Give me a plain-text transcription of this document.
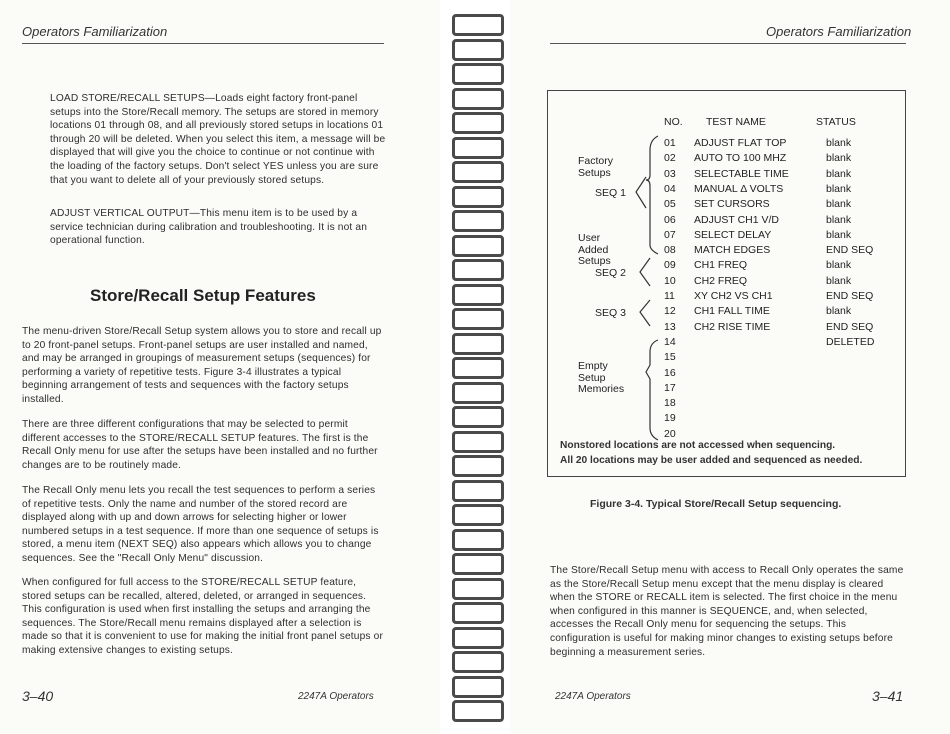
Operators Familiarization

LOAD STORE/RECALL SETUPS—Loads eight factory front-panel setups into the Store/Recall memory. The setups are stored in memory locations 01 through 08, and all previously stored setups in locations 01 through 20 will be deleted. When you select this item, a message will be displayed that will give you the choice to continue or not continue with the loading of the factory setups. Don't select YES unless you are sure that you want to delete all of your previously stored setups.

ADJUST VERTICAL OUTPUT—This menu item is to be used by a service technician during calibration and troubleshooting. It is not an operational function.

Store/Recall Setup Features

The menu-driven Store/Recall Setup system allows you to store and recall up to 20 front-panel setups. Front-panel setups are user installed and named, and may be arranged in groupings of measurement setups (sequences) for performing a variety of repetitive tests. Figure 3-4 illustrates a typical beginning arrangement of tests and sequences with the factory setups installed.

There are three different configurations that may be selected to permit different accesses to the STORE/RECALL SETUP features. The first is the Recall Only menu for use after the setups have been installed and no further changes are to be routinely made.

The Recall Only menu lets you recall the test sequences to perform a series of repetitive tests. Only the name and number of the stored record are displayed along with up and down arrows for selecting higher or lower numbered setups in a test sequence. If more than one sequence of setups is stored, a menu item (NEXT SEQ) also appears which allows you to change sequences. See the "Recall Only Menu" discussion.

When configured for full access to the STORE/RECALL SETUP feature, stored setups can be recalled, altered, deleted, or arranged in sequences. This configuration is used when first installing the setups and arranging the sequences. The Store/Recall menu remains displayed after a selection is made so that it is convenient to use for making the initial front panel setups or making extensive changes to existing setups.

3–40	2247A Operators
Operators Familiarization
NO. TEST NAME	STATUS
01 ADJUST FLAT TOP	blank
02 AUTO TO 100 MHZ	blank
03 SELECTABLE TIME	blank
04 MANUAL Δ VOLTS	blank
05 SET CURSORS	blank
06 ADJUST CH1 V/D	blank
07 SELECT DELAY	blank
08 MATCH EDGES	END SEQ
09 CH1 FREQ	blank
10 CH2 FREQ	blank
11 XY CH2 VS CH1	END SEQ
12 CH1 FALL TIME	blank
13 CH2 RISE TIME	END SEQ
14	DELETED
15
16
17
18
19
20
Factory
Setups
SEQ 1
User
Added
Setups
SEQ 2
SEQ 3
Empty
Setup
Memories
Nonstored locations are not accessed when sequencing.
All 20 locations may be user added and sequenced as needed.
Figure 3-4. Typical Store/Recall Setup sequencing.

The Store/Recall Setup menu with access to Recall Only operates the same as the Store/Recall Setup menu except that the menu display is cleared when the STORE or RECALL item is selected. The first choice in the menu when configured in this manner is SEQUENCE, and, when selected, accesses the Recall Only menu for sequencing the setups. This configuration is useful for making minor changes to existing setups before beginning a measurement series.

2247A Operators	3–41
